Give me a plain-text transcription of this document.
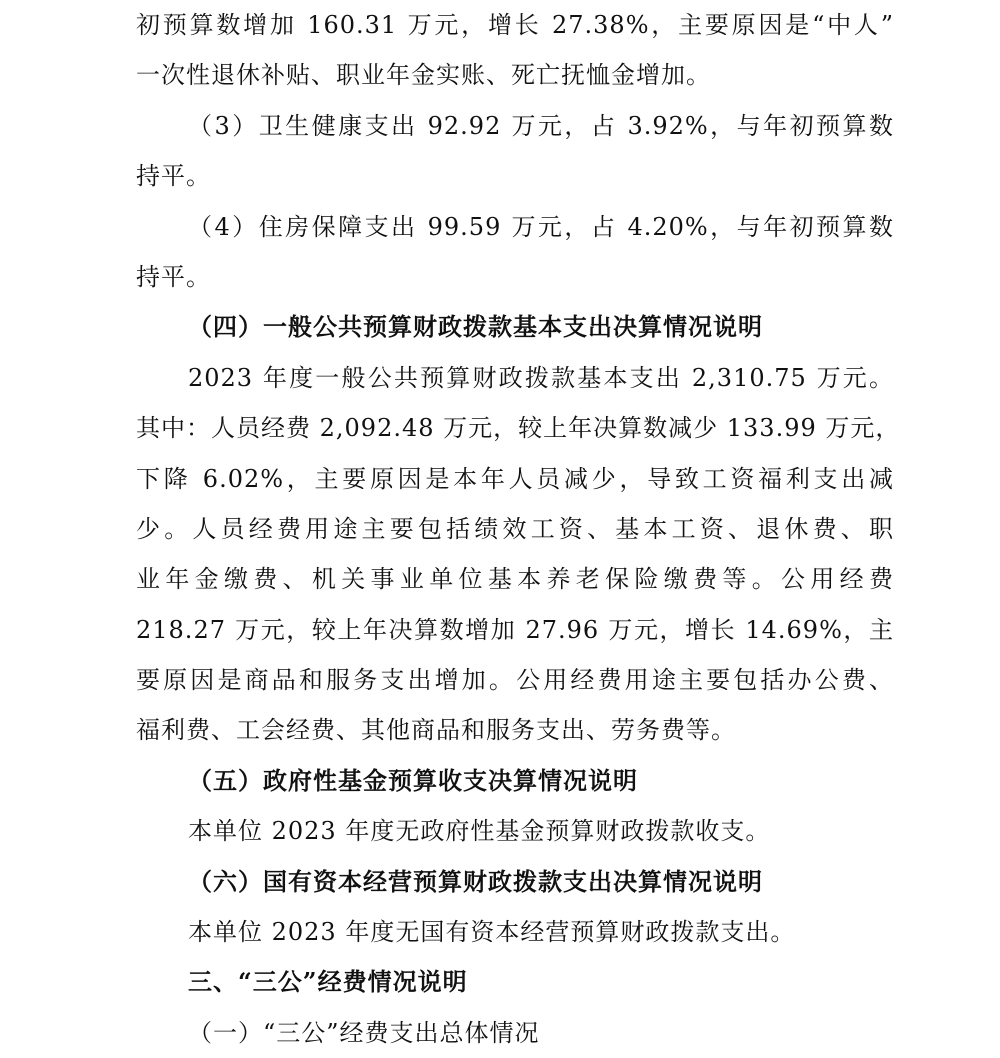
初预算数增加 160.31 万元，增长 27.38%，主要原因是“中人”
一次性退休补贴、职业年金实账、死亡抚恤金增加。
（3）卫生健康支出 92.92 万元，占 3.92%，与年初预算数
持平。
（4）住房保障支出 99.59 万元，占 4.20%，与年初预算数
持平。
（四）一般公共预算财政拨款基本支出决算情况说明
2023 年度一般公共预算财政拨款基本支出 2,310.75 万元。
其中：人员经费 2,092.48 万元，较上年决算数减少 133.99 万元，
下降 6.02%，主要原因是本年人员减少，导致工资福利支出减
少。人员经费用途主要包括绩效工资、基本工资、退休费、职
业年金缴费、机关事业单位基本养老保险缴费等。公用经费
218.27 万元，较上年决算数增加 27.96 万元，增长 14.69%，主
要原因是商品和服务支出增加。公用经费用途主要包括办公费、
福利费、工会经费、其他商品和服务支出、劳务费等。
（五）政府性基金预算收支决算情况说明
本单位 2023 年度无政府性基金预算财政拨款收支。
（六）国有资本经营预算财政拨款支出决算情况说明
本单位 2023 年度无国有资本经营预算财政拨款支出。
三、“三公”经费情况说明
（一）“三公”经费支出总体情况
